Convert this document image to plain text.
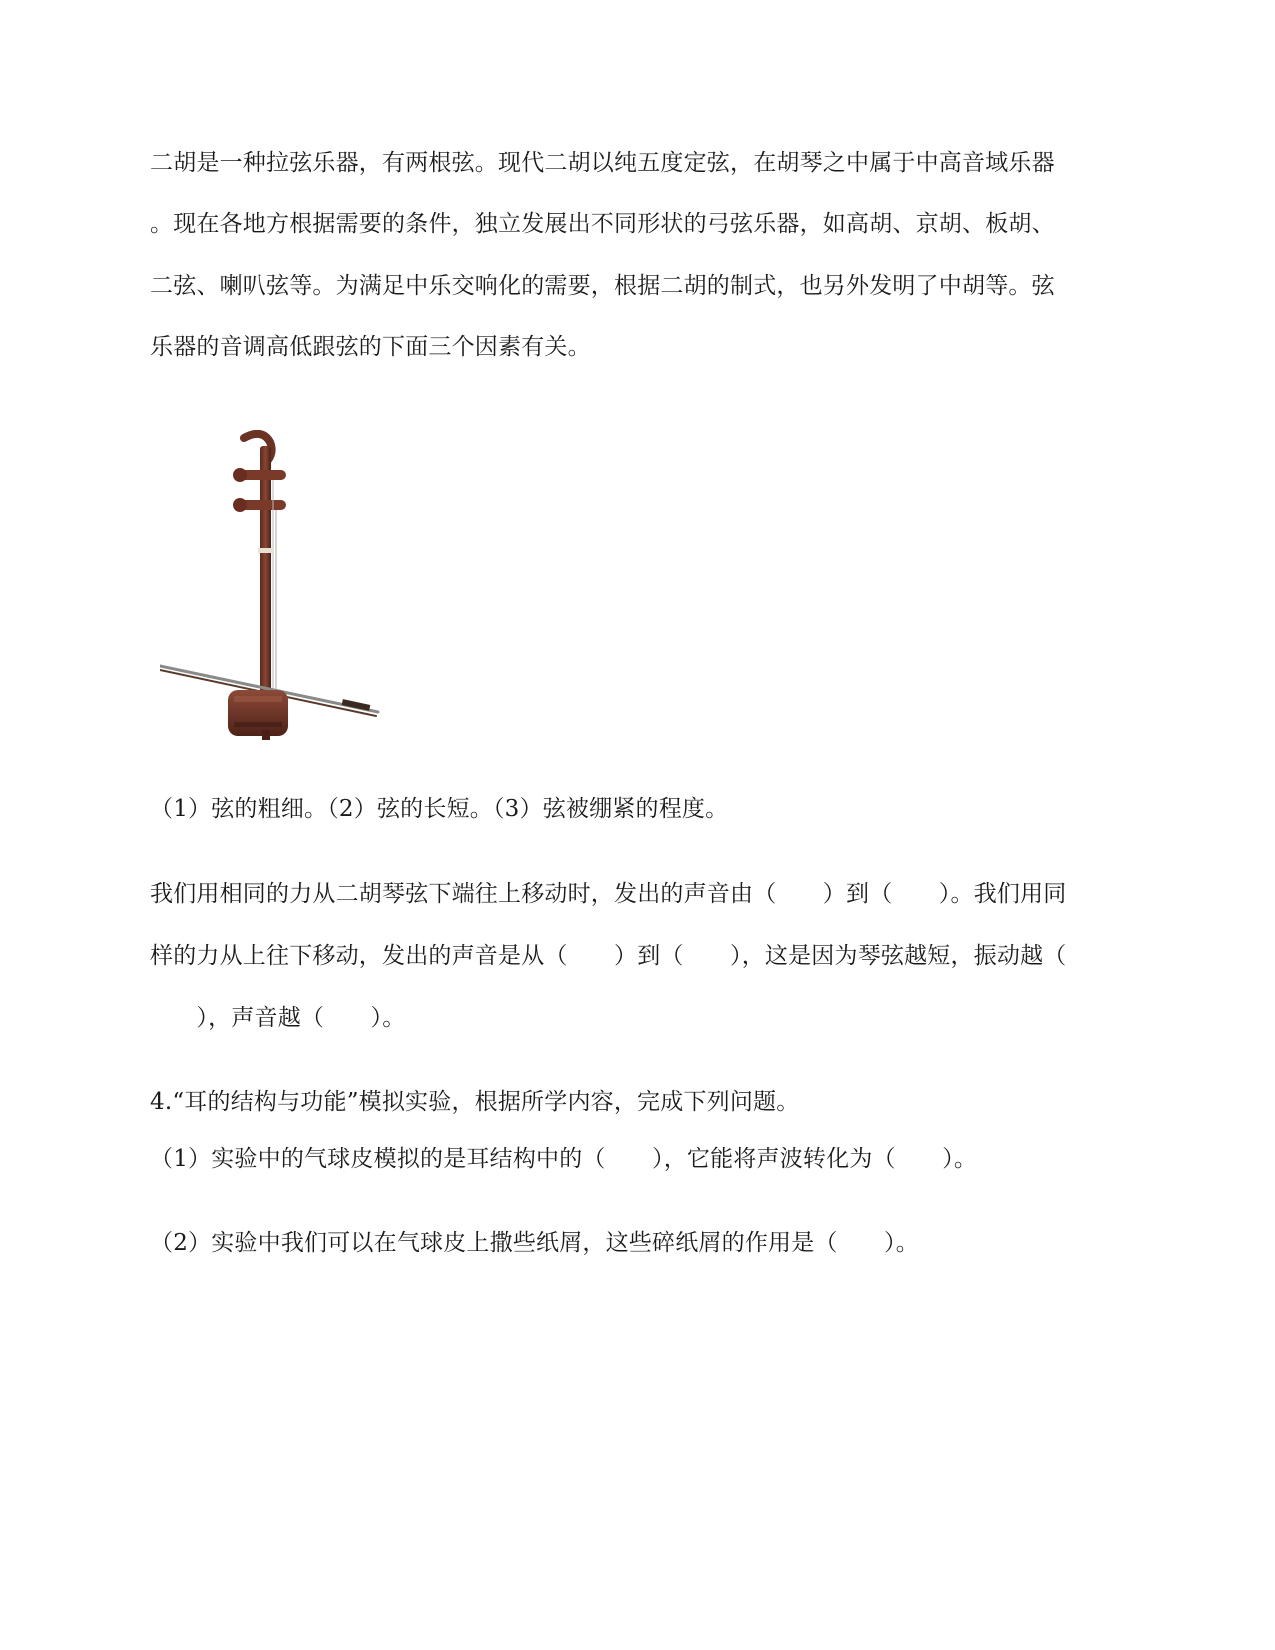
二胡是一种拉弦乐器，有两根弦。现代二胡以纯五度定弦，在胡琴之中属于中高音域乐器
。现在各地方根据需要的条件，独立发展出不同形状的弓弦乐器，如高胡、京胡、板胡、
二弦、喇叭弦等。为满足中乐交响化的需要，根据二胡的制式，也另外发明了中胡等。弦
乐器的音调高低跟弦的下面三个因素有关。
（1）弦的粗细。（2）弦的长短。（3）弦被绷紧的程度。
我们用相同的力从二胡琴弦下端往上移动时，发出的声音由（　　）到（　　）。我们用同
样的力从上往下移动，发出的声音是从（　　）到（　　），这是因为琴弦越短，振动越（
　　），声音越（　　）。
4.“耳的结构与功能”模拟实验，根据所学内容，完成下列问题。
（1）实验中的气球皮模拟的是耳结构中的（　　），它能将声波转化为（　　）。
（2）实验中我们可以在气球皮上撒些纸屑，这些碎纸屑的作用是（　　）。
